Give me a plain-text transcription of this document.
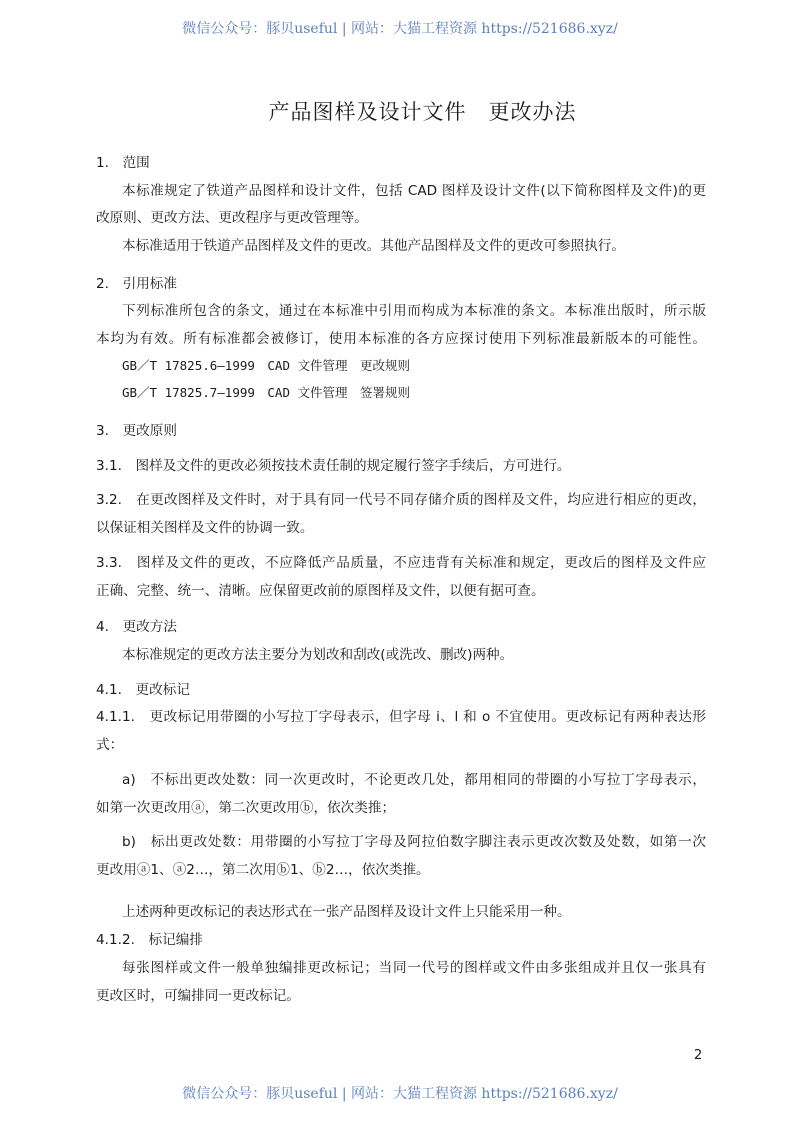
微信公众号：豚贝useful | 网站：大猫工程资源 https://521686.xyz/
产品图样及设计文件　更改办法
1.　范围
本标准规定了铁道产品图样和设计文件，包括 CAD 图样及设计文件(以下简称图样及文件)的更
改原则、更改方法、更改程序与更改管理等。
本标准适用于铁道产品图样及文件的更改。其他产品图样及文件的更改可参照执行。
2.　引用标准
下列标准所包含的条文，通过在本标准中引用而构成为本标准的条文。本标准出版时，所示版
本均为有效。所有标准都会被修订，使用本标准的各方应探讨使用下列标准最新版本的可能性。
GB／T 17825.6—1999　CAD 文件管理　更改规则
GB／T 17825.7—1999　CAD 文件管理　签署规则
3.　更改原则
3.1.　图样及文件的更改必须按技术责任制的规定履行签字手续后，方可进行。
3.2.　在更改图样及文件时，对于具有同一代号不同存储介质的图样及文件，均应进行相应的更改，
以保证相关图样及文件的协调一致。
3.3.　图样及文件的更改，不应降低产品质量，不应违背有关标准和规定，更改后的图样及文件应
正确、完整、统一、清晰。应保留更改前的原图样及文件，以便有据可查。
4.　更改方法
本标准规定的更改方法主要分为划改和刮改(或洗改、删改)两种。
4.1.　更改标记
4.1.1.　更改标记用带圈的小写拉丁字母表示，但字母 i、l 和 o 不宜使用。更改标记有两种表达形
式：
a)　不标出更改处数：同一次更改时，不论更改几处，都用相同的带圈的小写拉丁字母表示，
如第一次更改用ⓐ，第二次更改用ⓑ，依次类推；
b)　标出更改处数：用带圈的小写拉丁字母及阿拉伯数字脚注表示更改次数及处数，如第一次
更改用ⓐ1、ⓐ2…，第二次用ⓑ1、ⓑ2…，依次类推。
上述两种更改标记的表达形式在一张产品图样及设计文件上只能采用一种。
4.1.2.　标记编排
每张图样或文件一般单独编排更改标记；当同一代号的图样或文件由多张组成并且仅一张具有
更改区时，可编排同一更改标记。
2
微信公众号：豚贝useful | 网站：大猫工程资源 https://521686.xyz/
